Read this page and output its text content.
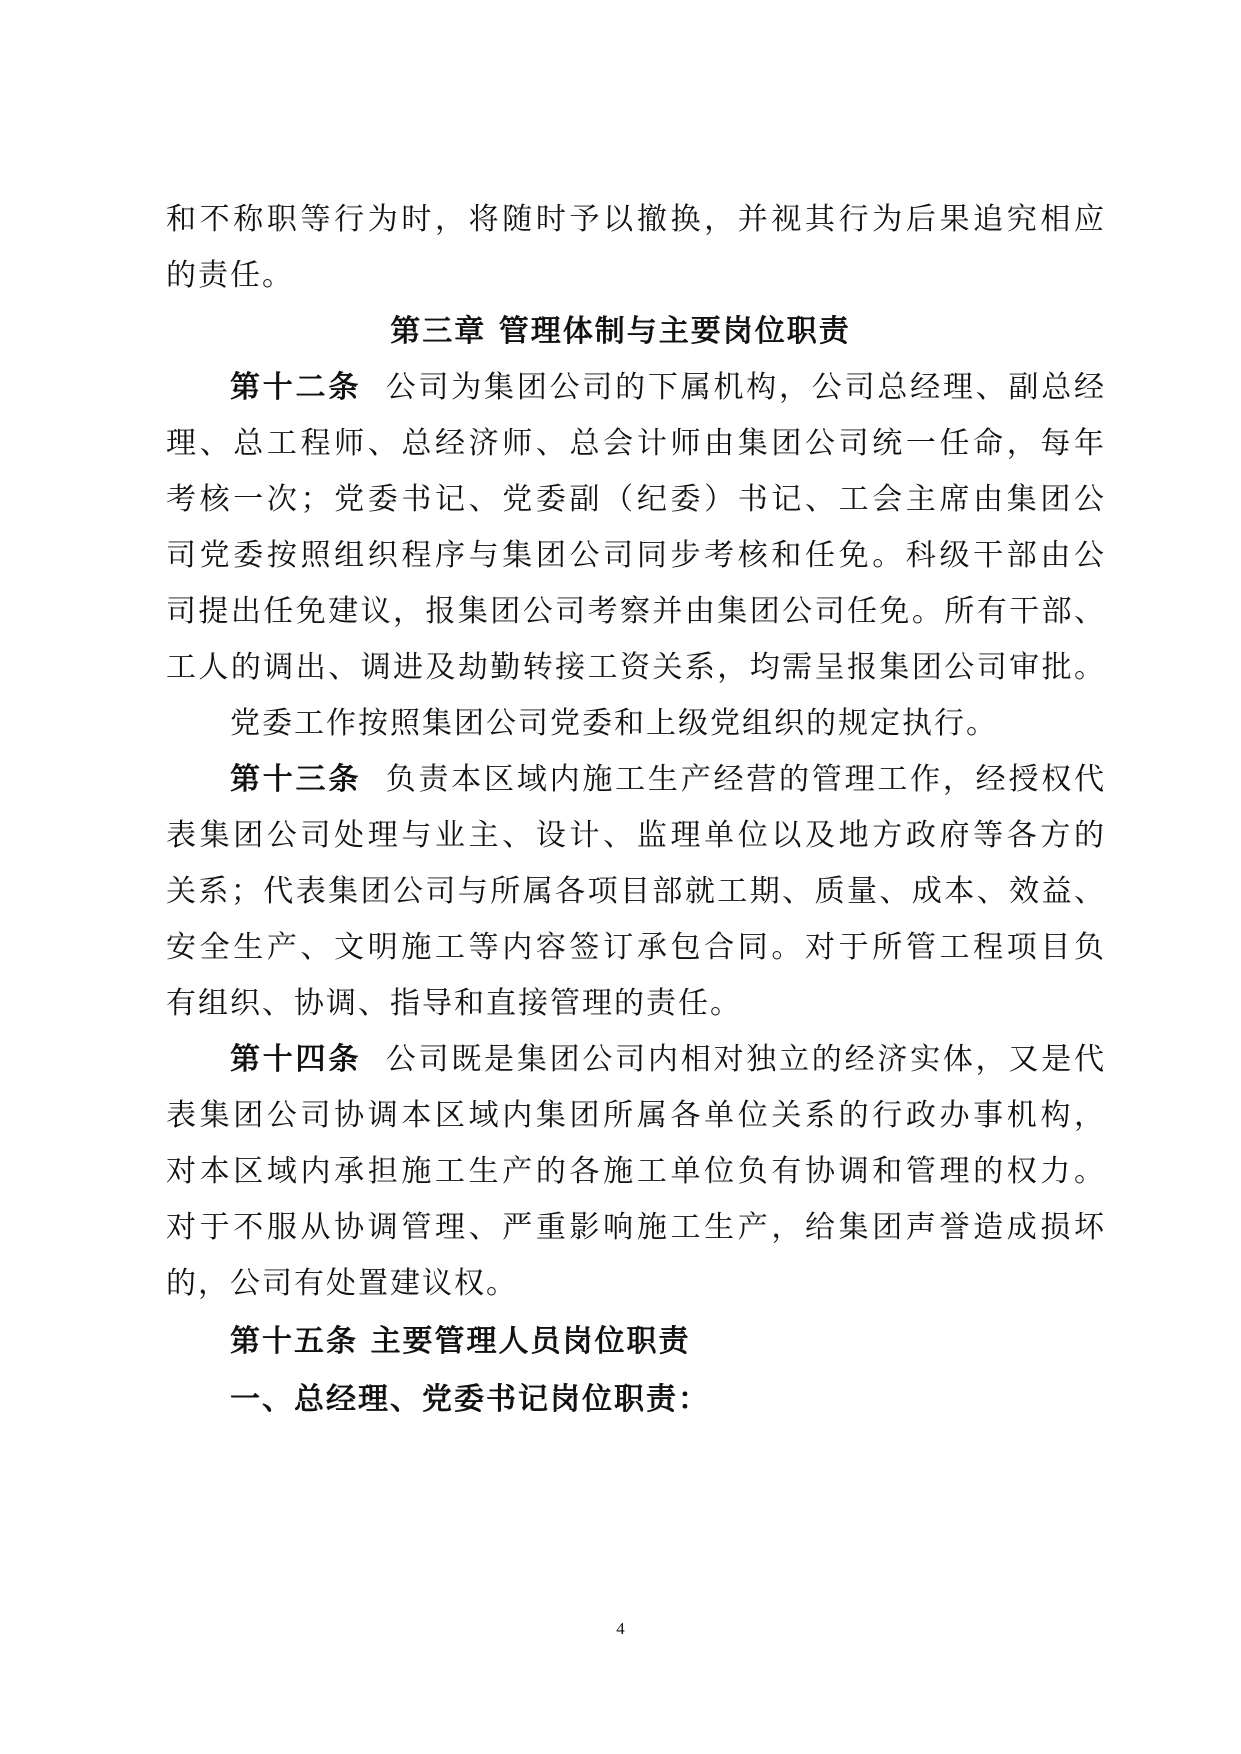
和不称职等行为时，将随时予以撤换，并视其行为后果追究相应
的责任。
第三章 管理体制与主要岗位职责
第十二条 公司为集团公司的下属机构，公司总经理、副总经
理、总工程师、总经济师、总会计师由集团公司统一任命，每年
考核一次；党委书记、党委副（纪委）书记、工会主席由集团公
司党委按照组织程序与集团公司同步考核和任免。科级干部由公
司提出任免建议，报集团公司考察并由集团公司任免。所有干部、
工人的调出、调进及劫勤转接工资关系，均需呈报集团公司审批。
党委工作按照集团公司党委和上级党组织的规定执行。
第十三条 负责本区域内施工生产经营的管理工作，经授权代
表集团公司处理与业主、设计、监理单位以及地方政府等各方的
关系；代表集团公司与所属各项目部就工期、质量、成本、效益、
安全生产、文明施工等内容签订承包合同。对于所管工程项目负
有组织、协调、指导和直接管理的责任。
第十四条 公司既是集团公司内相对独立的经济实体，又是代
表集团公司协调本区域内集团所属各单位关系的行政办事机构，
对本区域内承担施工生产的各施工单位负有协调和管理的权力。
对于不服从协调管理、严重影响施工生产，给集团声誉造成损坏
的，公司有处置建议权。
第十五条 主要管理人员岗位职责
一、总经理、党委书记岗位职责：
4
